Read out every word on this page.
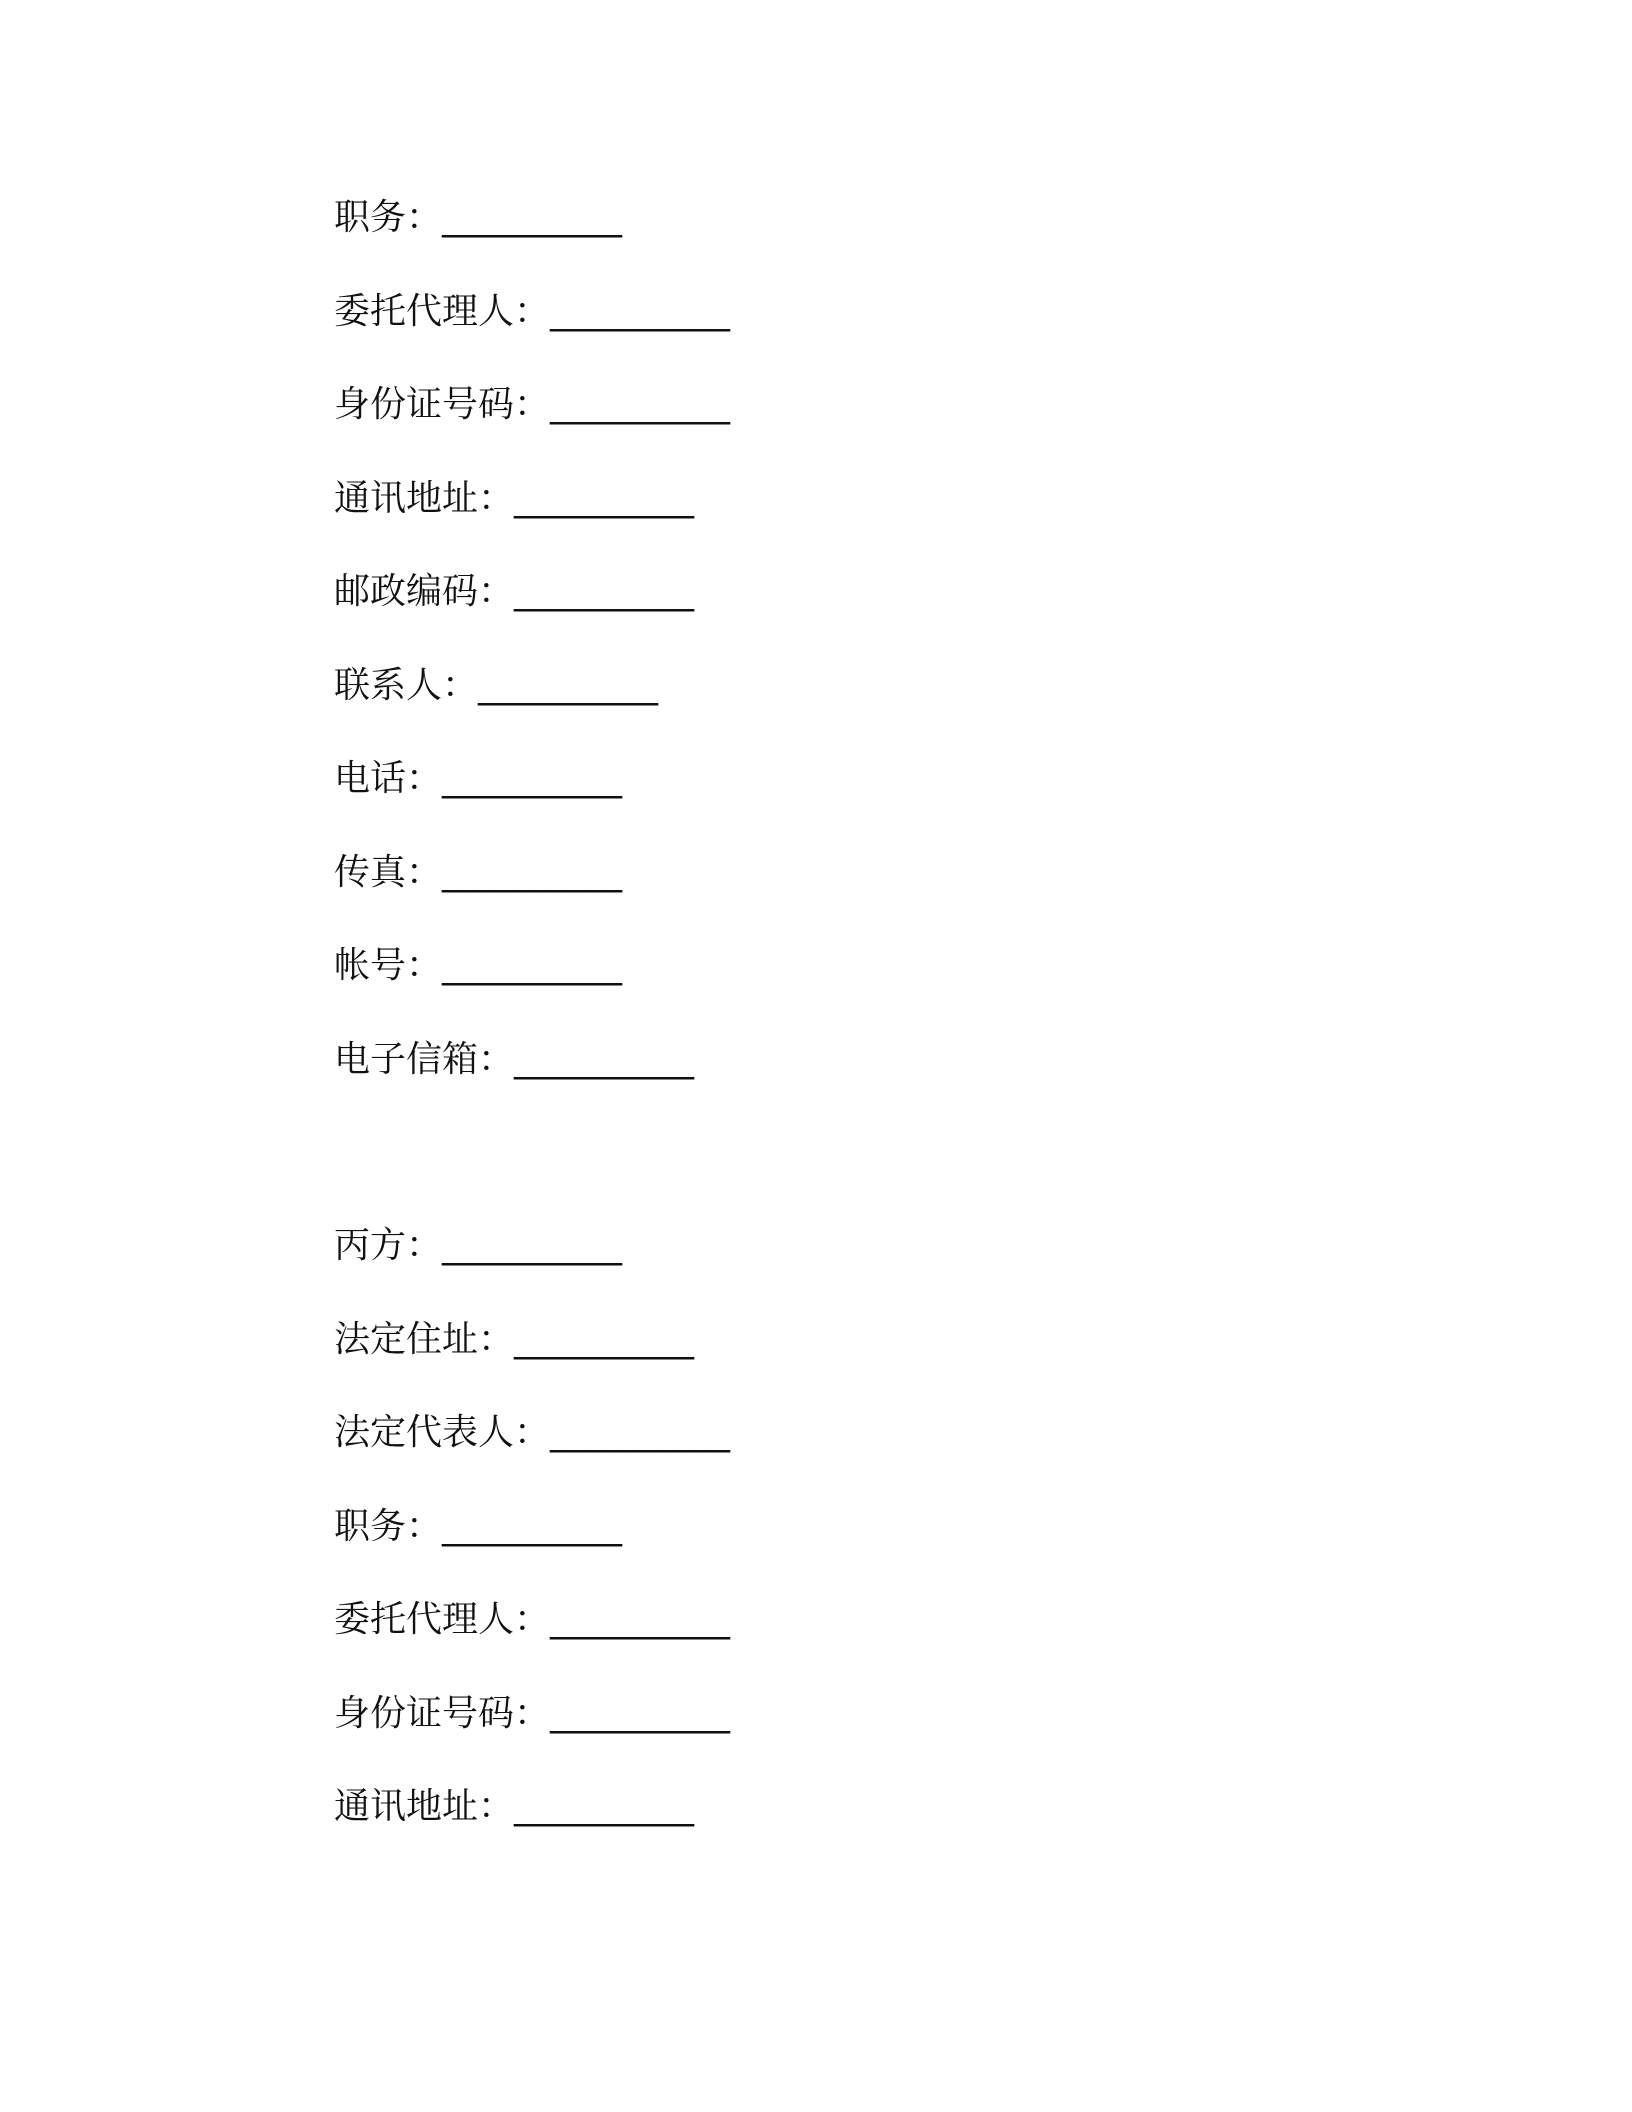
职务：__________
委托代理人：__________
身份证号码：__________
通讯地址：__________
邮政编码：__________
联系人：__________
电话：__________
传真：__________
帐号：__________
电子信箱：__________
丙方：__________
法定住址：__________
法定代表人：__________
职务：__________
委托代理人：__________
身份证号码：__________
通讯地址：__________
